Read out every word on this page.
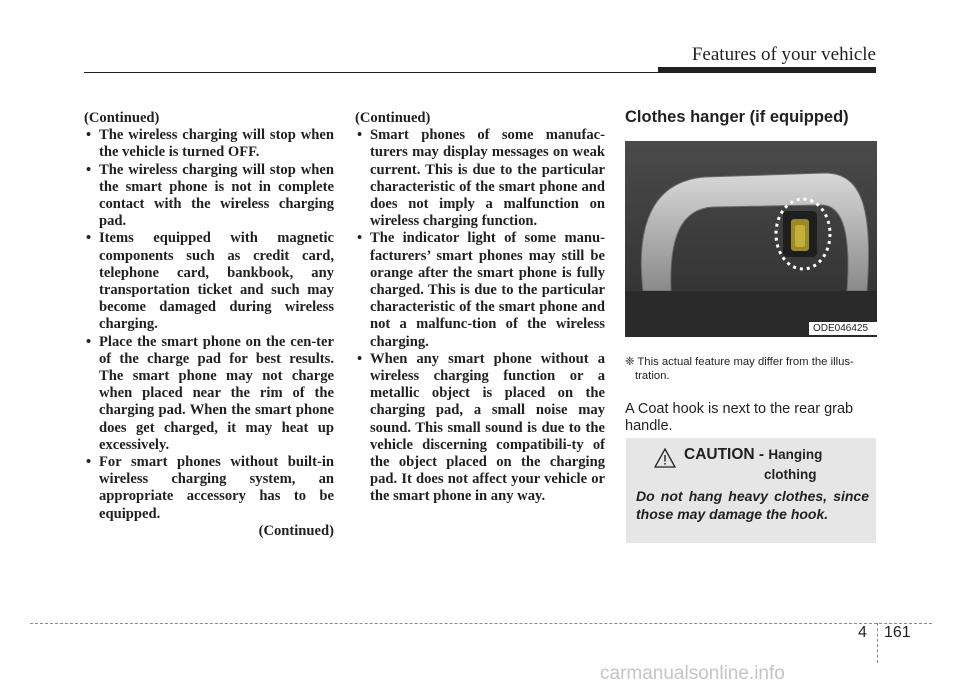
Features of your vehicle

(Continued)

• The wireless charging will stop when the vehicle is turned OFF.
• The wireless charging will stop when the smart phone is not in complete contact with the wireless charging pad.
• Items equipped with magnetic components such as credit card, telephone card, bankbook, any transportation ticket and such may become damaged during wireless charging.
• Place the smart phone on the cen-ter of the charge pad for best results. The smart phone may not charge when placed near the rim of the charging pad. When the smart phone does get charged, it may heat up excessively.
• For smart phones without built-in wireless charging system, an appropriate accessory has to be equipped.

(Continued)

(Continued)

• Smart phones of some manufac-turers may display messages on weak current. This is due to the particular characteristic of the smart phone and does not imply a malfunction on wireless charging function.
• The indicator light of some manu-facturers’ smart phones may still be orange after the smart phone is fully charged. This is due to the particular characteristic of the smart phone and not a malfunc-tion of the wireless charging.
• When any smart phone without a wireless charging function or a metallic object is placed on the charging pad, a small noise may sound. This small sound is due to the vehicle discerning compatibili-ty of the object placed on the charging pad. It does not affect your vehicle or the smart phone in any way.
Clothes hanger (if equipped)
❈ This actual feature may differ from the illus-tration.
A Coat hook is next to the rear grab handle.
ODE046425
CAUTION - Hanging
clothing
Do not hang heavy clothes, since those may damage the hook.
4 161
carmanualsonline.info
